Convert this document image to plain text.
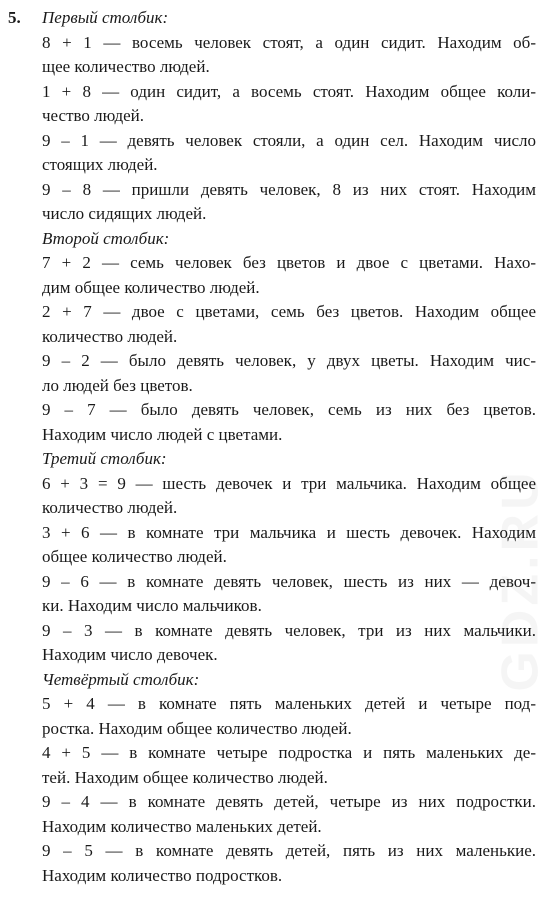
5. Первый столбик:
8 + 1 — восемь человек стоят, а один сидит. Находим об-
щее количество людей.
1 + 8 — один сидит, а восемь стоят. Находим общее коли-
чество людей.
9 – 1 — девять человек стояли, а один сел. Находим число
стоящих людей.
9 – 8 — пришли девять человек, 8 из них стоят. Находим
число сидящих людей.
Второй столбик:
7 + 2 — семь человек без цветов и двое с цветами. Нахо-
дим общее количество людей.
2 + 7 — двое с цветами, семь без цветов. Находим общее
количество людей.
9 – 2 — было девять человек, у двух цветы. Находим чис-
ло людей без цветов.
9 – 7 — было девять человек, семь из них без цветов.
Находим число людей с цветами.
Третий столбик:
6 + 3 = 9 — шесть девочек и три мальчика. Находим общее
количество людей.
3 + 6 — в комнате три мальчика и шесть девочек. Находим
общее количество людей.
9 – 6 — в комнате девять человек, шесть из них — девоч-
ки. Находим число мальчиков.
9 – 3 — в комнате девять человек, три из них мальчики.
Находим число девочек.
Четвёртый столбик:
5 + 4 — в комнате пять маленьких детей и четыре под-
ростка. Находим общее количество людей.
4 + 5 — в комнате четыре подростка и пять маленьких де-
тей. Находим общее количество людей.
9 – 4 — в комнате девять детей, четыре из них подростки.
Находим количество маленьких детей.
9 – 5 — в комнате девять детей, пять из них маленькие.
Находим количество подростков.
